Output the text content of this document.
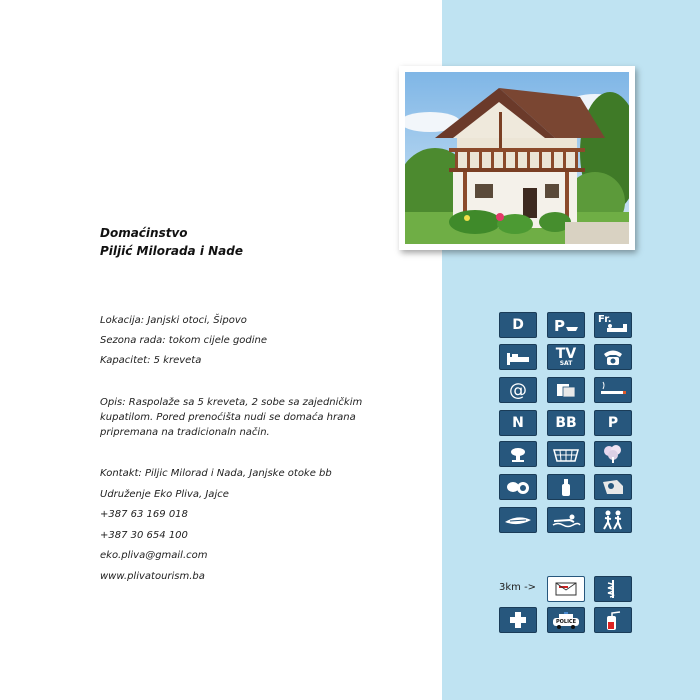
Domaćinstvo
Piljić Milorada i Nade
Lokacija: Janjski otoci, Šipovo
Sezona rada: tokom cijele godine
Kapacitet: 5 kreveta
Opis: Raspolaže sa 5 kreveta, 2 sobe sa zajedničkim kupatilom. Pored prenoćišta nudi se domaća hrana pripremana na tradicionaln način.
Kontakt: Piljic Milorad i Nada, Janjske otoke bb
Udruženje Eko Pliva, Jajce
+387 63 169 018
+387 30 654 100
eko.pliva@gmail.com
www.plivatourism.ba
D P	Fr.
TV
SAT
@
N BB P
3km ->
POLICE
